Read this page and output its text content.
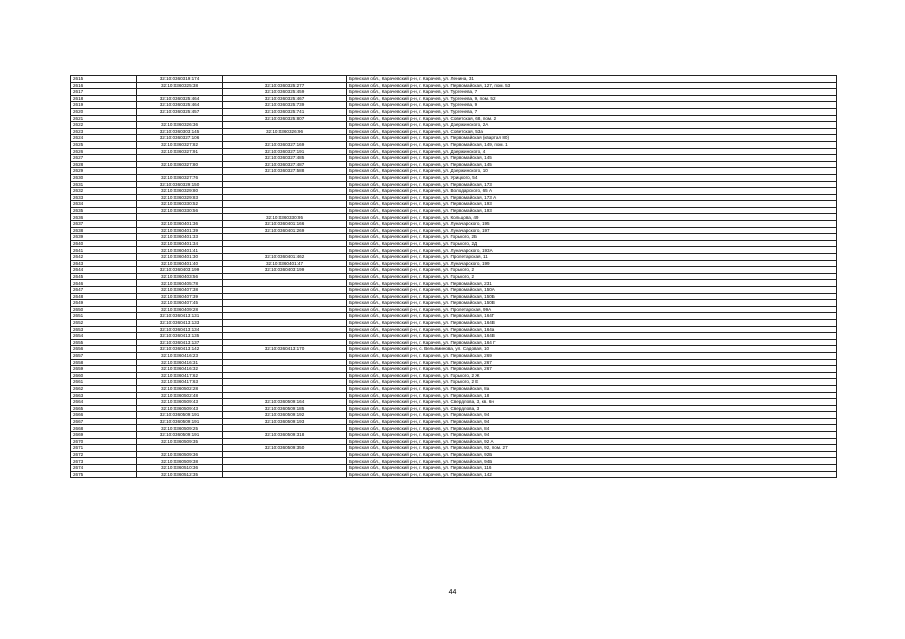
2615	32:10:0360319:174		Брянская обл., Карачевский р-н, г. Карачев, ул. Ленина, 31
2616	32:10:0360325:38	32:10:0360325:277	Брянская обл., Карачевский р-н, г. Карачев, ул. Первомайская, 127, пом. 53
2617		32:10:0360325:459	Брянская обл., Карачевский р-н, г. Карачев, ул. Тургенева, 7
2618	32:10:0360325:464	32:10:0360325:467	Брянская обл., Карачевский р-н, г. Карачев, ул. Тургенева, 9, пом. 52
2619	32:10:0360325:464	32:10:0360325:739	Брянская обл., Карачевский р-н, г. Карачев, ул. Тургенева, 9
2620	32:10:0360325:457	32:10:0360325:741	Брянская обл., Карачевский р-н, г. Карачев, ул. Тургенева, 7
2621		32:10:0360325:807	Брянская обл., Карачевский р-н, г. Карачев, ул. Советская, 68, пом. 2
2622	32:10:0360326:36		Брянская обл., Карачевский р-н, г. Карачев, ул. Дзержинского, 2А
2623	32:10:0360303:145	32:10:0360326:96	Брянская обл., Карачевский р-н, г. Карачев, ул. Советская, 53а
2624	32:10:0360327:106		Брянская обл., Карачевский р-н, г. Карачев, ул. Первомайская (квартал 80)
2625	32:10:0360327:82	32:10:0360327:169	Брянская обл., Карачевский р-н, г. Карачев, ул. Первомайская, 149, пом. 1
2626	32:10:0360327:91	32:10:0360327:191	Брянская обл., Карачевский р-н, г. Карачев, ул. Дзержинского, 4
2627		32:10:0360327:485	Брянская обл., Карачевский р-н, г. Карачев, ул. Первомайская, 145
2628	32:10:0360327:80	32:10:0360327:487	Брянская обл., Карачевский р-н, г. Карачев, ул. Первомайская, 145
2629		32:10:0360327:588	Брянская обл., Карачевский р-н, г. Карачев, ул. Дзержинского, 10
2630	32:10:0360327:76		Брянская обл., Карачевский р-н, г. Карачев, ул. Урицкого, 54
2631	32:10:0360329:150		Брянская обл., Карачевский р-н, г. Карачев, ул. Первомайская, 173
2632	32:10:0360329:80		Брянская обл., Карачевский р-н, г. Карачев, ул. Володарского, 65 А
2633	32:10:0360329:83		Брянская обл., Карачевский р-н, г. Карачев, ул. Первомайская, 173 А
2634	32:10:0360330:52		Брянская обл., Карачевский р-н, г. Карачев, ул. Первомайская, 193
2635	32:10:0360330:56		Брянская обл., Карачевский р-н, г. Карачев, ул. Первомайская, 193
2636		32:10:0360330:95	Брянская обл., Карачевский р-н, г. Карачев, ул. Кольцова, 49
2637	32:10:0360401:36	32:10:0360401:166	Брянская обл., Карачевский р-н, г. Карачев, ул. Луначарского, 195
2638	32:10:0360401:39	32:10:0360401:269	Брянская обл., Карачевский р-н, г. Карачев, ул. Луначарского, 197
2639	32:10:0360401:33		Брянская обл., Карачевский р-н, г. Карачев, ул. Горького, 2Б
2640	32:10:0360401:34		Брянская обл., Карачевский р-н, г. Карачев, ул. Горького, 2Д
2641	32:10:0360401:41		Брянская обл., Карачевский р-н, г. Карачев, ул. Луначарского, 193А
2642	32:10:0360401:30	32:10:0360401:462	Брянская обл., Карачевский р-н, г. Карачев, ул. Пролетарская, 11
2643	32:10:0360401:40	32:10:0360401:47	Брянская обл., Карачевский р-н, г. Карачев, ул. Луначарского, 199
2644	32:10:0360403:199	32:10:0360403:199	Брянская обл., Карачевский р-н, г. Карачев, ул. Горького, 2
2645	32:10:0360403:56		Брянская обл., Карачевский р-н, г. Карачев, ул. Горького, 2
2646	32:10:0360405:78		Брянская обл., Карачевский р-н, г. Карачев, ул. Первомайская, 231
2647	32:10:0360407:38		Брянская обл., Карачевский р-н, г. Карачев, ул. Первомайская, 150А
2648	32:10:0360407:39		Брянская обл., Карачевский р-н, г. Карачев, ул. Первомайская, 150Б
2649	32:10:0360407:45		Брянская обл., Карачевский р-н, г. Карачев, ул. Первомайская, 150В
2650	32:10:0360409:28		Брянская обл., Карачевский р-н, г. Карачев, ул. Пролетарская, 99А
2651	32:10:0360413:131		Брянская обл., Карачевский р-н, г. Карачев, ул. Первомайская, 164Г
2652	32:10:0360413:133		Брянская обл., Карачевский р-н, г. Карачев, ул. Первомайская, 164В
2653	32:10:0360413:134		Брянская обл., Карачевский р-н, г. Карачев, ул. Первомайская, 164а
2654	32:10:0360413:135		Брянская обл., Карачевский р-н, г. Карачев, ул. Первомайская, 164В
2655	32:10:0360413:137		Брянская обл., Карачевский р-н, г. Карачев, ул. Первомайская, 164 Г
2656	32:10:0360413:142	32:10:0360413:170	Брянская обл., Карачевский р-н, с. Вельяминова, ул. Садовая, 10
2657	32:10:0360416:23		Брянская обл., Карачевский р-н, г. Карачев, ул. Первомайская, 269
2658	32:10:0360416:31		Брянская обл., Карачевский р-н, г. Карачев, ул. Первомайская, 267
2659	32:10:0360416:32		Брянская обл., Карачевский р-н, г. Карачев, ул. Первомайская, 267
2660	32:10:0360417:62		Брянская обл., Карачевский р-н, г. Карачев, ул. Горького, 2 Ж
2661	32:10:0360417:63		Брянская обл., Карачевский р-н, г. Карачев, ул. Горького, 2 Е
2662	32:10:0360502:28		Брянская обл., Карачевский р-н, г. Карачев, ул. Первомайская, 8а
2663	32:10:0360502:48		Брянская обл., Карачевский р-н, г. Карачев, ул. Первомайская, 18
2664	32:10:0360509:43	32:10:0360509:164	Брянская обл., Карачевский р-н, г. Карачев, ул. Свердлова, 3, кв. 6н
2665	32:10:0360509:43	32:10:0360509:185	Брянская обл., Карачевский р-н, г. Карачев, ул. Свердлова, 3
2666	32:10:0360509:191	32:10:0360509:192	Брянская обл., Карачевский р-н, г. Карачев, ул. Первомайская, 94
2667	32:10:0360509:191	32:10:0360509:193	Брянская обл., Карачевский р-н, г. Карачев, ул. Первомайская, 94
2668	32:10:0360509:25		Брянская обл., Карачевский р-н, г. Карачев, ул. Первомайская, 84
2669	32:10:0360509:191	32:10:0360509:318	Брянская обл., Карачевский р-н, г. Карачев, ул. Первомайская, 94
2670	32:10:0360509:35		Брянская обл., Карачевский р-н, г. Карачев, ул. Первомайская, 92 А
2671		32:10:0360509:350	Брянская обл., Карачевский р-н, г. Карачев, ул. Первомайская, 92, пом. 27
2672	32:10:0360509:36		Брянская обл., Карачевский р-н, г. Карачев, ул. Первомайская, 92Б
2673	32:10:0360509:38		Брянская обл., Карачевский р-н, г. Карачев, ул. Первомайская, 94Б
2674	32:10:0360510:36		Брянская обл., Карачевский р-н, г. Карачев, ул. Первомайская, 116
2675	32:10:0360512:35		Брянская обл., Карачевский р-н, г. Карачев, ул. Первомайская, 142
44
